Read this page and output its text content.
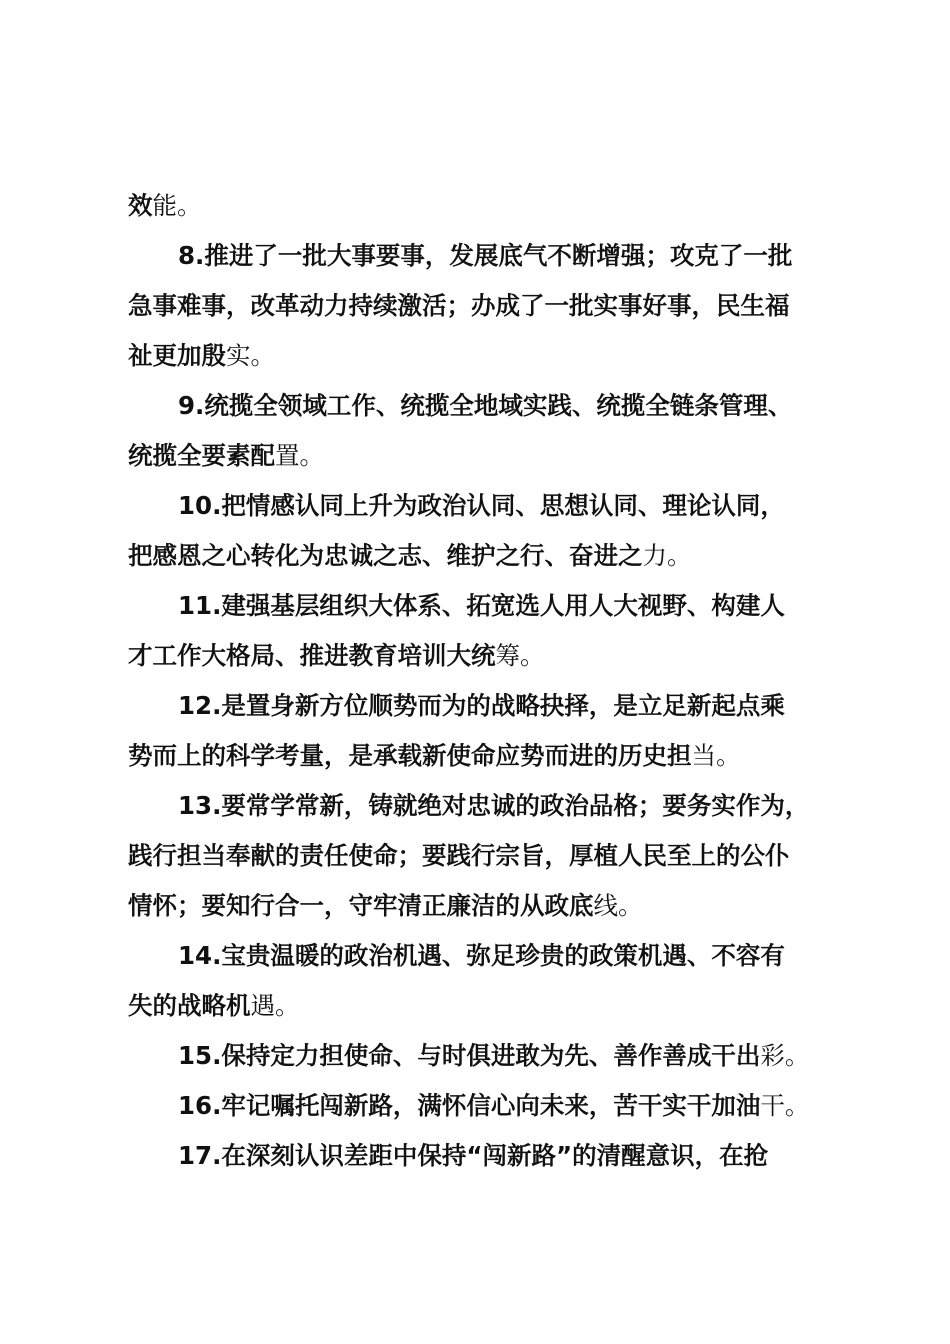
效能。
8.推进了一批大事要事，发展底气不断增强；攻克了一批
急事难事，改革动力持续激活；办成了一批实事好事，民生福
祉更加殷实。
9.统揽全领域工作、统揽全地域实践、统揽全链条管理、
统揽全要素配置。
10.把情感认同上升为政治认同、思想认同、理论认同，
把感恩之心转化为忠诚之志、维护之行、奋进之力。
11.建强基层组织大体系、拓宽选人用人大视野、构建人
才工作大格局、推进教育培训大统筹。
12.是置身新方位顺势而为的战略抉择，是立足新起点乘
势而上的科学考量，是承载新使命应势而进的历史担当。
13.要常学常新，铸就绝对忠诚的政治品格；要务实作为，
践行担当奉献的责任使命；要践行宗旨，厚植人民至上的公仆
情怀；要知行合一，守牢清正廉洁的从政底线。
14.宝贵温暖的政治机遇、弥足珍贵的政策机遇、不容有
失的战略机遇。
15.保持定力担使命、与时俱进敢为先、善作善成干出彩。
16.牢记嘱托闯新路，满怀信心向未来，苦干实干加油干。
17.在深刻认识差距中保持“闯新路”的清醒意识，在抢
